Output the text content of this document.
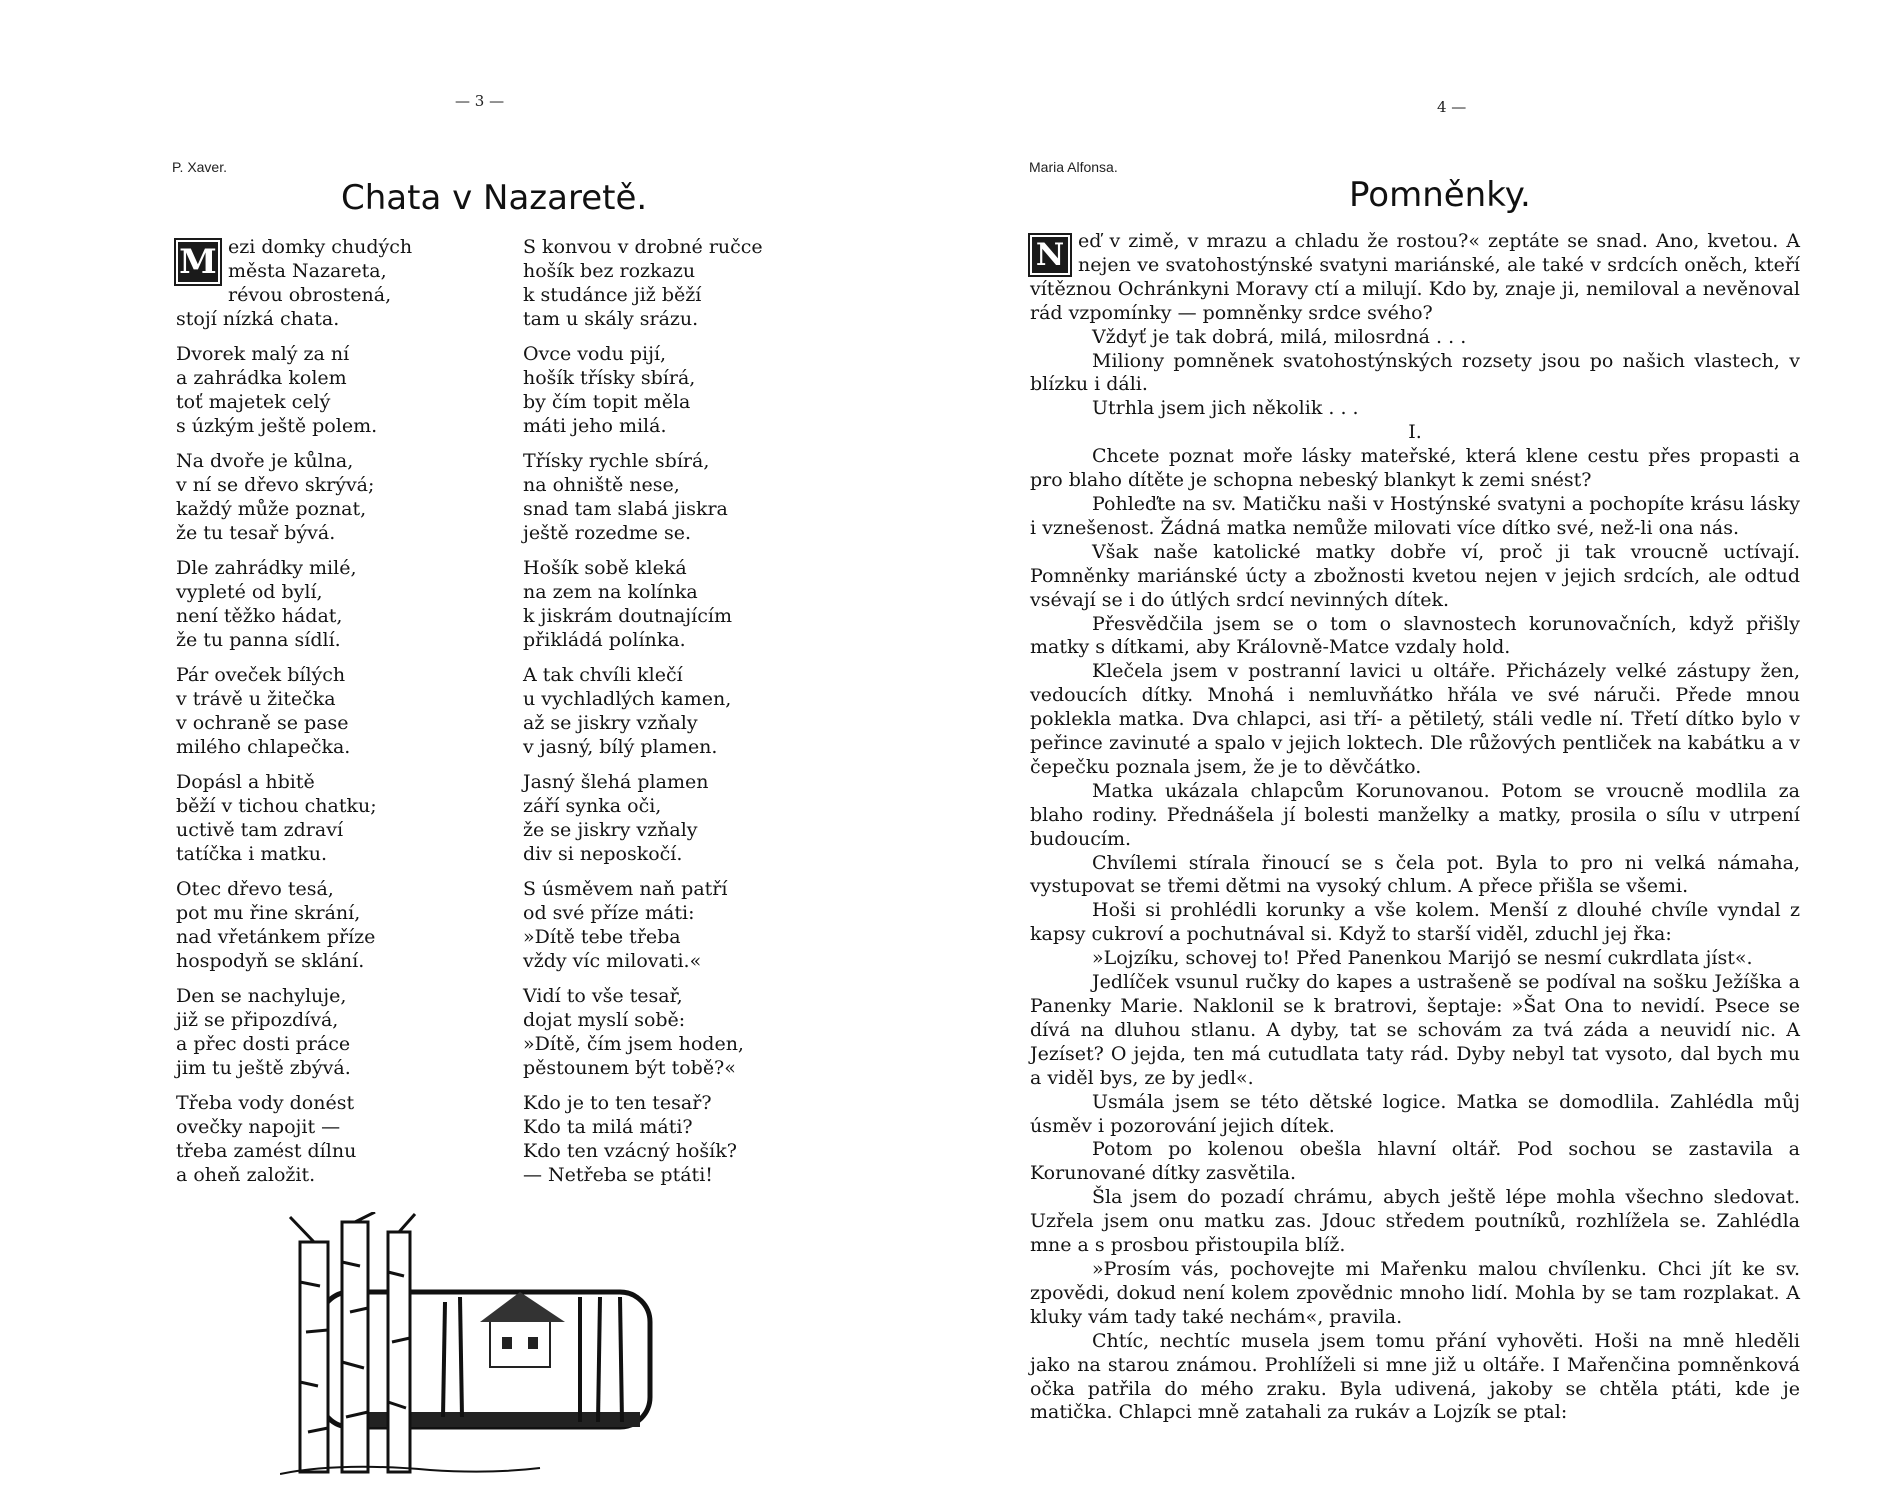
— 3 —
P. Xaver.
Chata v Nazaretě.
M ezi domky chudých
města Nazareta,
révou obrostená,
stojí nízká chata.
Dvorek malý za ní
a zahrádka kolem
toť majetek celý
s úzkým ještě polem.
Na dvoře je kůlna,
v ní se dřevo skrývá;
každý může poznat,
že tu tesař bývá.
Dle zahrádky milé,
vypleté od bylí,
není těžko hádat,
že tu panna sídlí.
Pár oveček bílých
v trávě u žitečka
v ochraně se pase
milého chlapečka.
Dopásl a hbitě
běží v tichou chatku;
uctivě tam zdraví
tatíčka i matku.
Otec dřevo tesá,
pot mu řine skrání,
nad vřetánkem příze
hospodyň se sklání.
Den se nachyluje,
již se připozdívá,
a přec dosti práce
jim tu ještě zbývá.
Třeba vody donést
ovečky napojit —
třeba zamést dílnu
a oheň založit.
S konvou v drobné ručce
hošík bez rozkazu
k studánce již běží
tam u skály srázu.
Ovce vodu pijí,
hošík třísky sbírá,
by čím topit měla
máti jeho milá.
Třísky rychle sbírá,
na ohniště nese,
snad tam slabá jiskra
ještě rozedme se.
Hošík sobě kleká
na zem na kolínka
k jiskrám doutnajícím
přikládá polínka.
A tak chvíli klečí
u vychladlých kamen,
až se jiskry vzňaly
v jasný, bílý plamen.
Jasný šlehá plamen
září synka oči,
že se jiskry vzňaly
div si neposkočí.
S úsměvem naň patří
od své příze máti:
»Dítě tebe třeba
vždy víc milovati.«
Vidí to vše tesař,
dojat myslí sobě:
»Dítě, čím jsem hoden,
pěstounem být tobě?«
Kdo je to ten tesař?
Kdo ta milá máti?
Kdo ten vzácný hošík?
— Netřeba se ptáti!
4 —
Maria Alfonsa.
Pomněnky.

N eď v zimě, v mrazu a chladu že rostou?« zeptáte se snad. Ano, kvetou. A nejen ve svatohostýnské svatyni mariánské, ale také v srdcích oněch, kteří vítěznou Ochránkyni Moravy ctí a milují. Kdo by, znaje ji, nemiloval a nevěnoval rád vzpomínky — pomněnky srdce svého?

Vždyť je tak dobrá, milá, milosrdná . . .

Miliony pomněnek svatohostýnských rozsety jsou po našich vlastech, v blízku i dáli.

Utrhla jsem jich několik . . .

I.

Chcete poznat moře lásky mateřské, která klene cestu přes propasti a pro blaho dítěte je schopna nebeský blankyt k zemi snést?

Pohleďte na sv. Matičku naši v Hostýnské svatyni a pochopíte krásu lásky i vznešenost. Žádná matka nemůže milovati více dítko své, než-li ona nás.

Však naše katolické matky dobře ví, proč ji tak vroucně uctívají. Pomněnky mariánské úcty a zbožnosti kvetou nejen v jejich srdcích, ale odtud vsévají se i do útlých srdcí nevinných dítek.

Přesvědčila jsem se o tom o slavnostech korunovačních, když přišly matky s dítkami, aby Královně-Matce vzdaly hold.

Klečela jsem v postranní lavici u oltáře. Přicházely velké zástupy žen, vedoucích dítky. Mnohá i nemluvňátko hřála ve své náruči. Přede mnou poklekla matka. Dva chlapci, asi tří- a pětiletý, stáli vedle ní. Třetí dítko bylo v peřince zavinuté a spalo v jejich loktech. Dle růžových pentliček na kabátku a v čepečku poznala jsem, že je to děvčátko.

Matka ukázala chlapcům Korunovanou. Potom se vroucně modlila za blaho rodiny. Přednášela jí bolesti manželky a matky, prosila o sílu v utrpení budoucím.

Chvílemi stírala řinoucí se s čela pot. Byla to pro ni velká námaha, vystupovat se třemi dětmi na vysoký chlum. A přece přišla se všemi.

Hoši si prohlédli korunky a vše kolem. Menší z dlouhé chvíle vyndal z kapsy cukroví a pochutnával si. Když to starší viděl, zduchl jej řka:

»Lojzíku, schovej to! Před Panenkou Marijó se nesmí cukrdlata jíst«.

Jedlíček vsunul ručky do kapes a ustrašeně se podíval na sošku Ježíška a Panenky Marie. Naklonil se k bratrovi, šeptaje: »Šat Ona to nevidí. Psece se dívá na dluhou stlanu. A dyby, tat se schovám za tvá záda a neuvidí nic. A Jezíset? O jejda, ten má cutudlata taty rád. Dyby nebyl tat vysoto, dal bych mu a viděl bys, ze by jedl«.

Usmála jsem se této dětské logice. Matka se domodlila. Zahlédla můj úsměv i pozorování jejich dítek.

Potom po kolenou obešla hlavní oltář. Pod sochou se zastavila a Korunované dítky zasvětila.

Šla jsem do pozadí chrámu, abych ještě lépe mohla všechno sledovat. Uzřela jsem onu matku zas. Jdouc středem poutníků, rozhlížela se. Zahlédla mne a s prosbou přistoupila blíž.

»Prosím vás, pochovejte mi Mařenku malou chvílenku. Chci jít ke sv. zpovědi, dokud není kolem zpovědnic mnoho lidí. Mohla by se tam rozplakat. A kluky vám tady také nechám«, pravila.

Chtíc, nechtíc musela jsem tomu přání vyhověti. Hoši na mně hleděli jako na starou známou. Prohlíželi si mne již u oltáře. I Mařenčina pomněnková očka patřila do mého zraku. Byla udivená, jakoby se chtěla ptáti, kde je matička. Chlapci mně zatahali za rukáv a Lojzík se ptal:
